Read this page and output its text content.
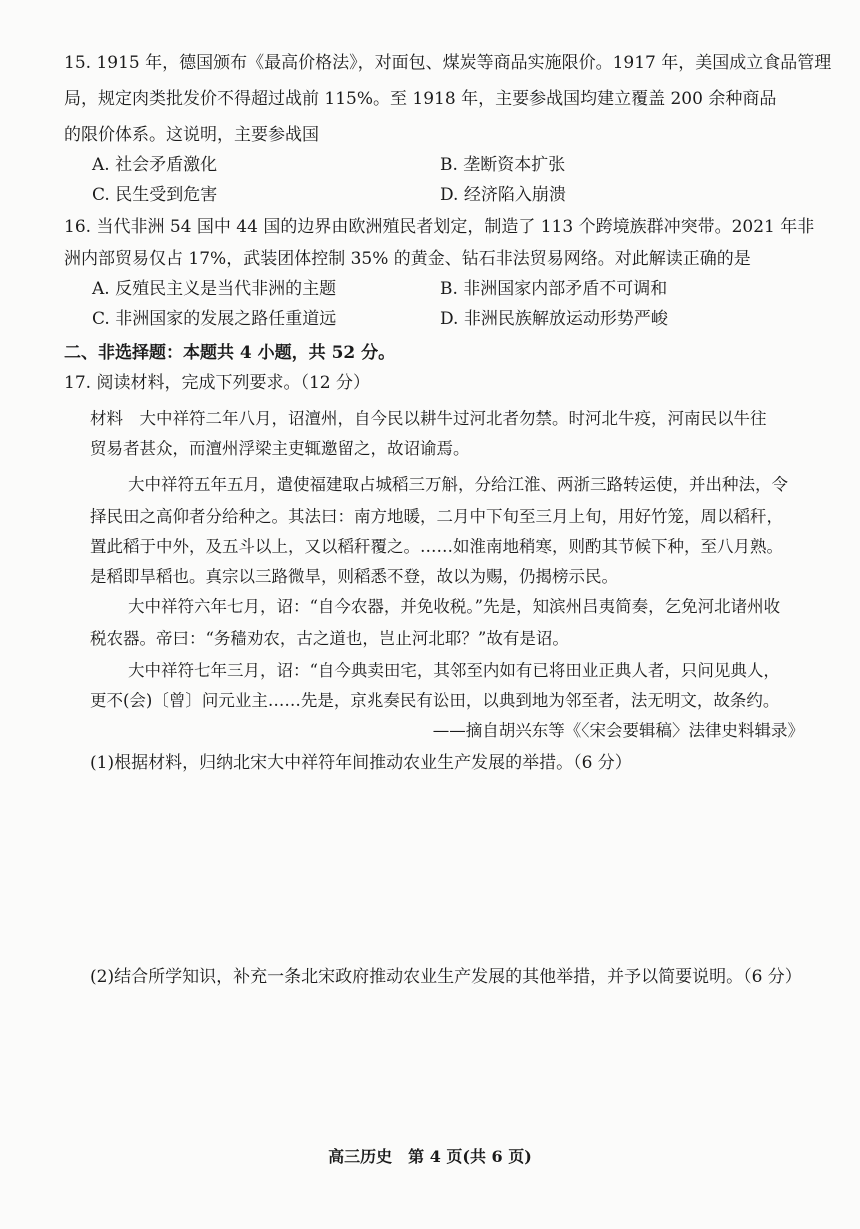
15. 1915 年，德国颁布《最高价格法》，对面包、煤炭等商品实施限价。1917 年，美国成立食品管理
局，规定肉类批发价不得超过战前 115%。至 1918 年，主要参战国均建立覆盖 200 余种商品
的限价体系。这说明，主要参战国
A. 社会矛盾激化	B. 垄断资本扩张
C. 民生受到危害	D. 经济陷入崩溃
16. 当代非洲 54 国中 44 国的边界由欧洲殖民者划定，制造了 113 个跨境族群冲突带。2021 年非
洲内部贸易仅占 17%，武装团体控制 35% 的黄金、钻石非法贸易网络。对此解读正确的是
A. 反殖民主义是当代非洲的主题	B. 非洲国家内部矛盾不可调和
C. 非洲国家的发展之路任重道远	D. 非洲民族解放运动形势严峻
二、非选择题：本题共 4 小题，共 52 分。
17. 阅读材料，完成下列要求。（12 分）
材料　大中祥符二年八月，诏澶州，自今民以耕牛过河北者勿禁。时河北牛疫，河南民以牛往
贸易者甚众，而澶州浮梁主吏辄邀留之，故诏谕焉。
大中祥符五年五月，遣使福建取占城稻三万斛，分给江淮、两浙三路转运使，并出种法，令
择民田之高仰者分给种之。其法曰：南方地暖，二月中下旬至三月上旬，用好竹笼，周以稻秆，
置此稻于中外，及五斗以上，又以稻秆覆之。……如淮南地稍寒，则酌其节候下种，至八月熟。
是稻即旱稻也。真宗以三路微旱，则稻悉不登，故以为赐，仍揭榜示民。
大中祥符六年七月，诏：“自今农器，并免收税。”先是，知滨州吕夷简奏，乞免河北诸州收
税农器。帝曰：“务穑劝农，古之道也，岂止河北耶？”故有是诏。
大中祥符七年三月，诏：“自今典卖田宅，其邻至内如有已将田业正典人者，只问见典人，
更不(会)〔曾〕问元业主……先是，京兆奏民有讼田，以典到地为邻至者，法无明文，故条约。
——摘自胡兴东等《〈宋会要辑稿〉法律史料辑录》
(1)根据材料，归纳北宋大中祥符年间推动农业生产发展的举措。（6 分）
(2)结合所学知识，补充一条北宋政府推动农业生产发展的其他举措，并予以简要说明。（6 分）
高三历史　第 4 页(共 6 页)
